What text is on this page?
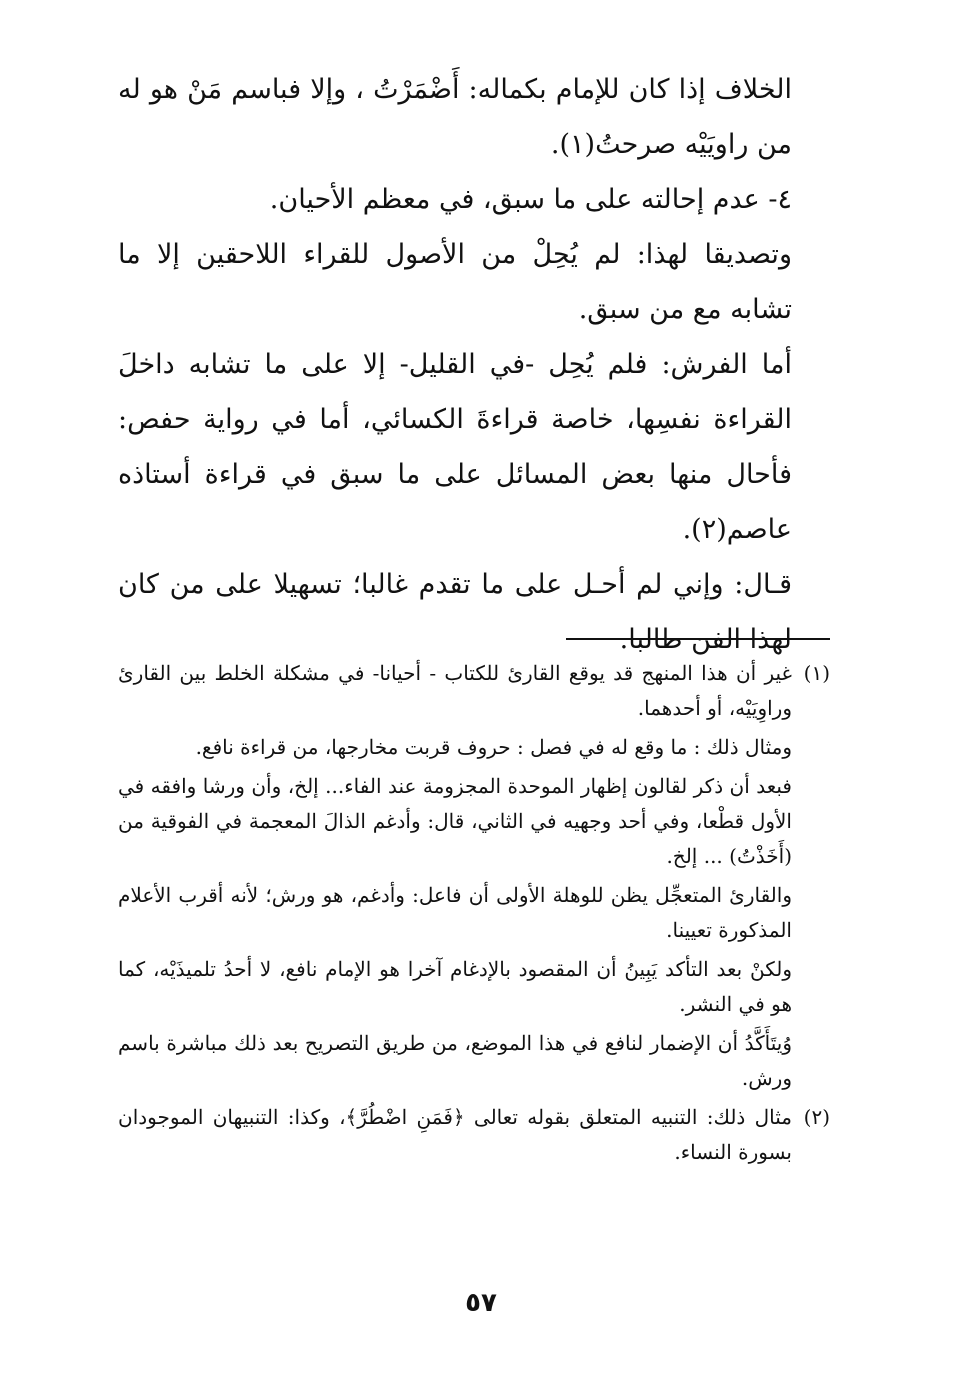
الخلاف إذا كان للإمام بكماله: أَضْمَرْتُ ، وإلا فباسم مَنْ هو له من راويَيْه صرحتُ(١).

٤- عدم إحالته على ما سبق، في معظم الأحيان.

وتصديقا لهذا: لم يُحِلْ من الأصول للقراء اللاحقين إلا ما تشابه مع من سبق.

أما الفرش: فلم يُحِل -في القليل- إلا على ما تشابه داخلَ القراءة نفسِها، خاصة قراءةَ الكسائي، أما في رواية حفص: فأحال منها بعض المسائل على ما سبق في قراءة أستاذه عاصم(٢).

قـال: وإني لم أحـل على ما تقدم غالبا؛ تسهيلا على من كان لهذا الفن طالبا.

(١)
غير أن هذا المنهج قد يوقع القارئ للكتاب - أحيانا- في مشكلة الخلط بين القارئ وراوِيَيْه، أو أحدهما.

ومثال ذلك : ما وقع له في فصل : حروف قربت مخارجها، من قراءة نافع.

فبعد أن ذكر لقالون إظهار الموحدة المجزومة عند الفاء... إلخ، وأن ورشا وافقه في الأول قطْعا، وفي أحد وجهيه في الثاني، قال: وأدغم الذالَ المعجمة في الفوقية من (أَخَذْتُ) ... إلخ.

والقارئ المتعجِّل يظن للوهلة الأولى أن فاعل: وأدغم، هو ورش؛ لأنه أقرب الأعلام المذكورة تعيينا.

ولكنْ بعد التأكد يَبِينُ أن المقصود بالإدغام آخرا هو الإمام نافع، لا أحدُ تلميذَيْه، كما هو في النشر.

وُيتَأَكَّدُ أن الإضمار لنافع في هذا الموضع، من طريق التصريح بعد ذلك مباشرة باسم ورش.

(٢)
مثال ذلك: التنبيه المتعلق بقوله تعالى ﴿فَمَنِ اضْطُرَّ﴾، وكذا: التنبيهان الموجودان بسورة النساء.

٥٧
